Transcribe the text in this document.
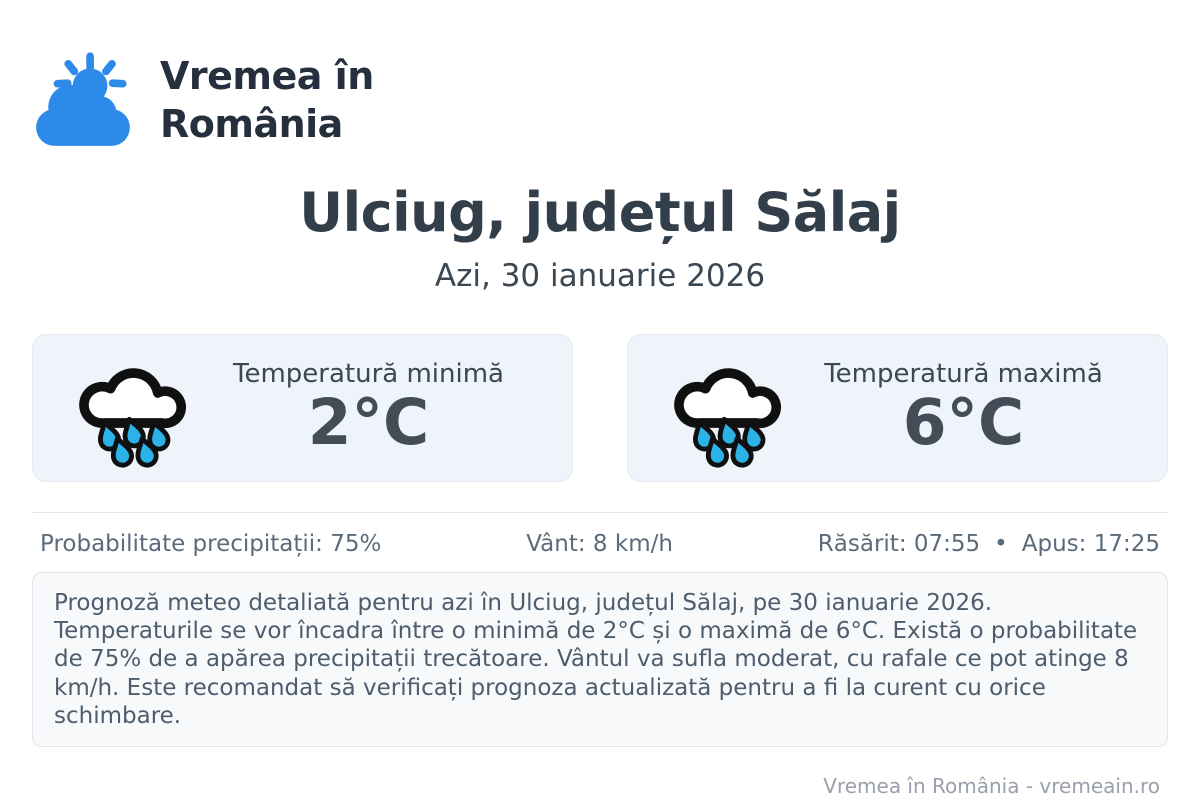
Vremea în
România
Ulciug, județul Sălaj
Azi, 30 ianuarie 2026
Temperatură minimă
2°C
Temperatură maximă
6°C
Probabilitate precipitații: 75%	Vânt: 8 km/h	Răsărit: 07:55 • Apus: 17:25
Prognoză meteo detaliată pentru azi în Ulciug, județul Sălaj, pe 30 ianuarie 2026. Temperaturile se vor încadra între o minimă de 2°C și o maximă de 6°C. Există o probabilitate de 75% de a apărea precipitații trecătoare. Vântul va sufla moderat, cu rafale ce pot atinge 8 km/h. Este recomandat să verificați prognoza actualizată pentru a fi la curent cu orice schimbare.
Vremea în România - vremeain.ro
